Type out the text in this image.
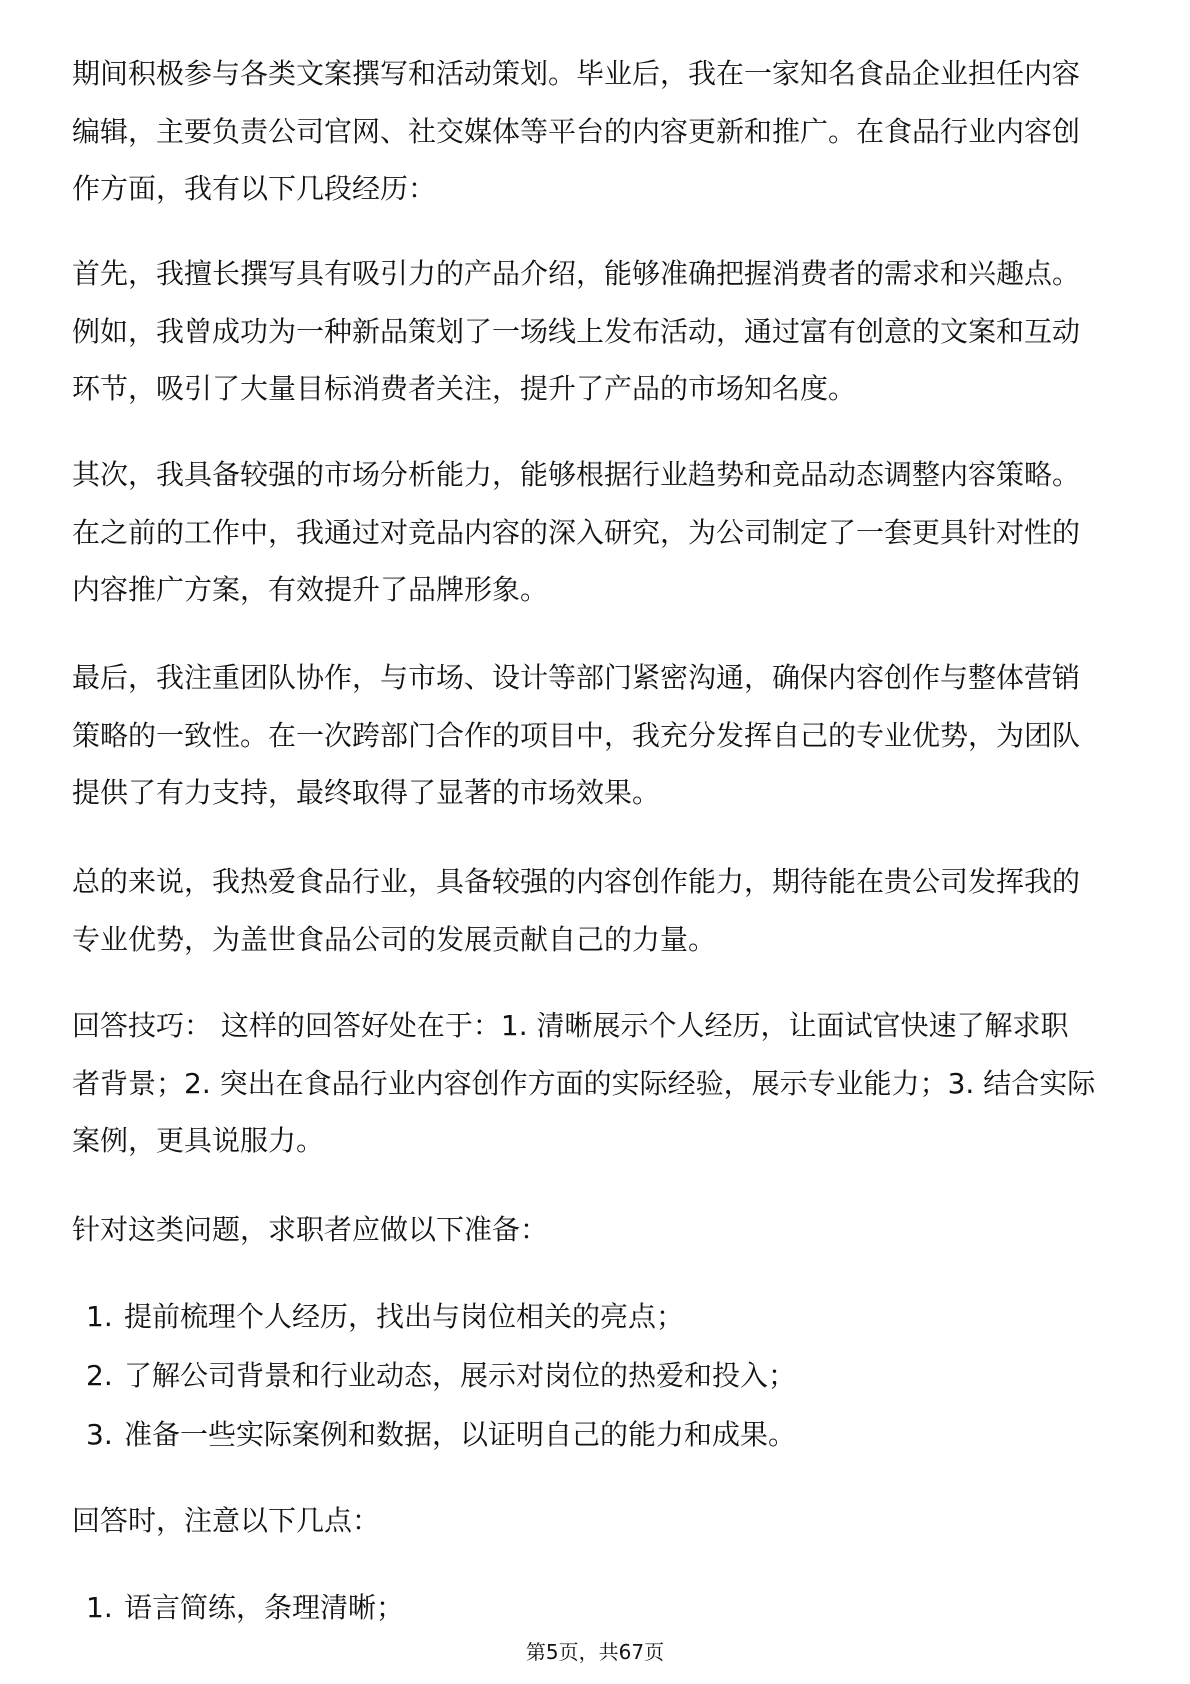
期间积极参与各类文案撰写和活动策划。毕业后，我在一家知名食品企业担任内容
编辑，主要负责公司官网、社交媒体等平台的内容更新和推广。在食品行业内容创
作方面，我有以下几段经历：
首先，我擅长撰写具有吸引力的产品介绍，能够准确把握消费者的需求和兴趣点。
例如，我曾成功为一种新品策划了一场线上发布活动，通过富有创意的文案和互动
环节，吸引了大量目标消费者关注，提升了产品的市场知名度。
其次，我具备较强的市场分析能力，能够根据行业趋势和竞品动态调整内容策略。
在之前的工作中，我通过对竞品内容的深入研究，为公司制定了一套更具针对性的
内容推广方案，有效提升了品牌形象。
最后，我注重团队协作，与市场、设计等部门紧密沟通，确保内容创作与整体营销
策略的一致性。在一次跨部门合作的项目中，我充分发挥自己的专业优势，为团队
提供了有力支持，最终取得了显著的市场效果。
总的来说，我热爱食品行业，具备较强的内容创作能力，期待能在贵公司发挥我的
专业优势，为盖世食品公司的发展贡献自己的力量。
回答技巧： 这样的回答好处在于：1. 清晰展示个人经历，让面试官快速了解求职
者背景；2. 突出在食品行业内容创作方面的实际经验，展示专业能力；3. 结合实际
案例，更具说服力。
针对这类问题，求职者应做以下准备：
1. 提前梳理个人经历，找出与岗位相关的亮点；
2. 了解公司背景和行业动态，展示对岗位的热爱和投入；
3. 准备一些实际案例和数据，以证明自己的能力和成果。
回答时，注意以下几点：
1. 语言简练，条理清晰；
第5页，共67页
